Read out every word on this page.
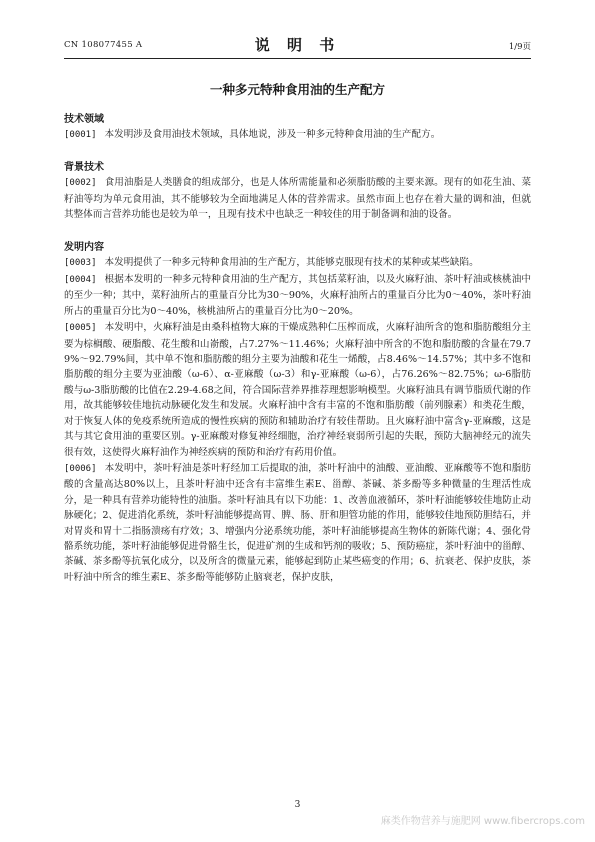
CN 108077455 A	说 明 书	1/9页
一种多元特种食用油的生产配方
技术领域

[0001] 本发明涉及食用油技术领域，具体地说，涉及一种多元特种食用油的生产配方。

背景技术

[0002] 食用油脂是人类膳食的组成部分，也是人体所需能量和必须脂肪酸的主要来源。现有的如花生油、菜籽油等均为单元食用油，其不能够较为全面地满足人体的营养需求。虽然市面上也存在着大量的调和油，但就其整体而言营养功能也是较为单一，且现有技术中也缺乏一种较佳的用于制备调和油的设备。

发明内容

[0003] 本发明提供了一种多元特种食用油的生产配方，其能够克服现有技术的某种或某些缺陷。

[0004] 根据本发明的一种多元特种食用油的生产配方，其包括菜籽油，以及火麻籽油、茶叶籽油或核桃油中的至少一种；其中，菜籽油所占的重量百分比为30～90%，火麻籽油所占的重量百分比为0～40%，茶叶籽油所占的重量百分比为0～40%，核桃油所占的重量百分比为0～20%。

[0005] 本发明中，火麻籽油是由桑科植物大麻的干燥成熟种仁压榨而成，火麻籽油所含的饱和脂肪酸组分主要为棕榈酸、硬脂酸、花生酸和山嵛酸，占7.27%～11.46%；火麻籽油中所含的不饱和脂肪酸的含量在79.79%～92.79%间，其中单不饱和脂肪酸的组分主要为油酸和花生一烯酸，占8.46%～14.57%；其中多不饱和脂肪酸的组分主要为亚油酸（ω-6）、α-亚麻酸（ω-3）和γ-亚麻酸（ω-6），占76.26%～82.75%；ω-6脂肪酸与ω-3脂肪酸的比值在2.29-4.68之间，符合国际营养界推荐理想影响模型。火麻籽油具有调节脂质代谢的作用，故其能够较佳地抗动脉硬化发生和发展。火麻籽油中含有丰富的不饱和脂肪酸（前列腺素）和类花生酸，对于恢复人体的免疫系统所造成的慢性疾病的预防和辅助治疗有较佳帮助。且火麻籽油中富含γ-亚麻酸，这是其与其它食用油的重要区别。γ-亚麻酸对修复神经细胞，治疗神经衰弱所引起的失眠，预防大脑神经元的流失很有效，这使得火麻籽油作为神经疾病的预防和治疗有药用价值。

[0006] 本发明中，茶叶籽油是茶叶籽经加工后提取的油，茶叶籽油中的油酸、亚油酸、亚麻酸等不饱和脂肪酸的含量高达80%以上，且茶叶籽油中还含有丰富维生素E、甾醇、茶碱、茶多酚等多种微量的生理活性成分，是一种具有营养功能特性的油脂。茶叶籽油具有以下功能：1、改善血液循环，茶叶籽油能够较佳地防止动脉硬化；2、促进消化系统，茶叶籽油能够提高胃、脾、肠、肝和胆管功能的作用，能够较佳地预防胆结石，并对胃炎和胃十二指肠溃疡有疗效；3、增强内分泌系统功能，茶叶籽油能够提高生物体的新陈代谢；4、强化骨骼系统功能，茶叶籽油能够促进骨骼生长，促进矿剂的生成和钙剂的吸收；5、预防癌症，茶叶籽油中的甾醇、茶碱、茶多酚等抗氧化成分，以及所含的微量元素，能够起到防止某些癌变的作用；6、抗衰老、保护皮肤，茶叶籽油中所含的维生素E、茶多酚等能够防止脑衰老，保护皮肤，

3
麻类作物营养与施肥网 www.fibercrops.com
